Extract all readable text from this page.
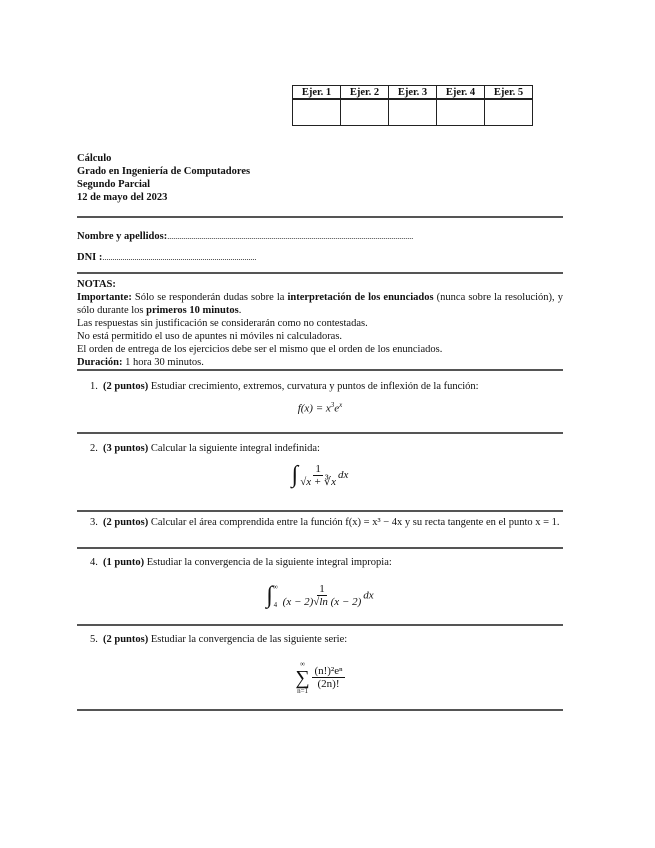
Ejer. 1	Ejer. 2	Ejer. 3	Ejer. 4	Ejer. 5

Cálculo
Grado en Ingeniería de Computadores
Segundo Parcial
12 de mayo del 2023
Nombre y apellidos:...........................................................................................................................
DNI :.............................................................................
NOTAS:
Importante: Sólo se responderán dudas sobre la interpretación de los enunciados (nunca sobre la resolución), y sólo durante los primeros 10 minutos.
Las respuestas sin justificación se considerarán como no contestadas.
No está permitido el uso de apuntes ni móviles ni calculadoras.
El orden de entrega de los ejercicios debe ser el mismo que el orden de los enunciados.
Duración: 1 hora 30 minutos.
1. (2 puntos) Estudiar crecimiento, extremos, curvatura y puntos de inflexión de la función:
$f(x) = x^3e^x$
2. (3 puntos) Calcular la siguiente integral indefinida:
∫ $\frac{1}{√x + ∛x}$ dx
3. (2 puntos) Calcular el área comprendida entre la función f(x) = x³ − 4x y su recta tangente en el punto x = 1.
4. (1 punto) Estudiar la convergencia de la siguiente integral impropia:
∫ ∞
4
$\frac{1}{(x - 2)√\ln (x - 2)}$ dx
5. (2 puntos) Estudiar la convergencia de las siguiente serie:
∞
∑
n=1
$\frac{\text{(n!)²eⁿ}}{(2n)!}$
